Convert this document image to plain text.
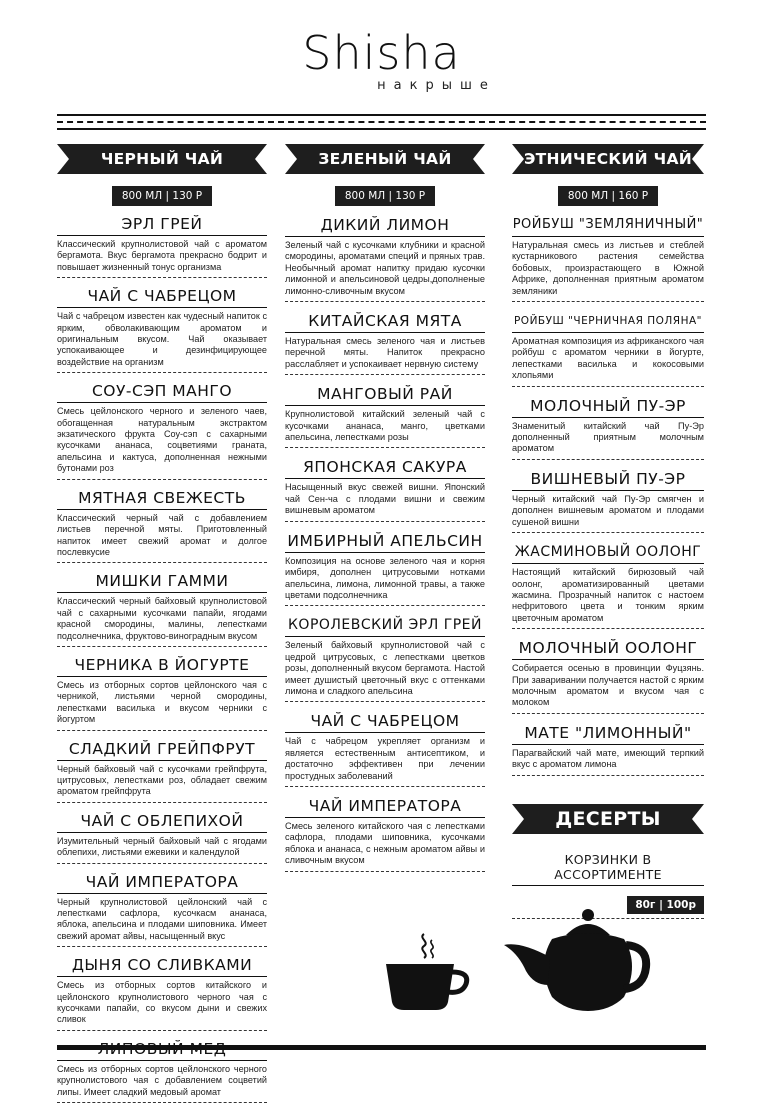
Shisha
накрыше
ЧЕРНЫЙ ЧАЙ
800 МЛ | 130 Р
ЭРЛ ГРЕЙ
Классический крупнолистовой чай с ароматом бергамота. Вкус бергамота прекрасно бодрит и повышает жизненный тонус организма
ЧАЙ С ЧАБРЕЦОМ
Чай с чабрецом известен как чудесный напиток с ярким, обволакивающим ароматом и оригинальным вкусом. Чай оказывает успокаивающее и дезинфицирующее воздействие на организм
СОУ-СЭП МАНГО
Смесь цейлонского черного и зеленого чаев, обогащенная натуральным экстрактом экзатического фрукта Соу-сэп с сахарными кусочками ананаса, соцветиями граната, апельсина и кактуса, дополненная нежными бутонами роз
МЯТНАЯ СВЕЖЕСТЬ
Классический черный чай с добавлением листьев перечной мяты. Приготовленный напиток имеет свежий аромат и долгое послевкусие
МИШКИ ГАММИ
Классический черный байховый крупнолистовой чай с сахарными кусочками папайи, ягодами красной смородины, малины, лепестками подсолнечника, фруктово-виноградным вкусом
ЧЕРНИКА В ЙОГУРТЕ
Смесь из отборных сортов цейлонского чая с черникой, листьями черной смородины, лепестками василька и вкусом черники с йогуртом
СЛАДКИЙ ГРЕЙПФРУТ
Черный байховый чай с кусочками грейпфрута, цитрусовых, лепестками роз, обладает свежим ароматом грейпфрута
ЧАЙ С ОБЛЕПИХОЙ
Изумительный черный байховый чай с ягодами облепихи, листьями ежевики и календулой
ЧАЙ ИМПЕРАТОРА
Черный крупнолистовой цейлонский чай с лепестками сафлора, кусочкасм ананаса, яблока, апельсина и плодами шиповника. Имеет свежий аромат айвы, насыщенный вкус
ДЫНЯ СО СЛИВКАМИ
Смесь из отборных сортов китайского и цейлонского крупнолистового черного чая с кусочками папайи, со вкусом дыни и свежих сливок
ЛИПОВЫЙ МЕД
Смесь из отборных сортов цейлонского черного крупнолистового чая с добавлением соцветий липы. Имеет сладкий медовый аромат
ЗЕЛЕНЫЙ ЧАЙ
800 МЛ | 130 Р
ДИКИЙ ЛИМОН
Зеленый чай с кусочками клубники и красной смородины, ароматами специй и пряных трав. Необычный аромат напитку придаю кусочки лимонной и апельсиновой цедры,дополненые лимонно-сливочным вкусом
КИТАЙСКАЯ МЯТА
Натуральная смесь зеленого чая и листьев перечной мяты. Напиток прекрасно расслабляет и успокаивает нервную систему
МАНГОВЫЙ РАЙ
Крупнолистовой китайский зеленый чай с кусочками ананаса, манго, цветками апельсина, лепестками розы
ЯПОНСКАЯ САКУРА
Насыщенный вкус свежей вишни. Японский чай Сен-ча с плодами вишни и свежим вишневым ароматом
ИМБИРНЫЙ АПЕЛЬСИН
Композиция на основе зеленого чая и корня имбиря, дополнен цитрусовыми нотками апельсина, лимона, лимонной травы, а также цветами подсолнечника
КОРОЛЕВСКИЙ ЭРЛ ГРЕЙ
Зеленый байховый крупнолистовой чай с цедрой цитрусовых, с лепестками цветков розы, дополненный вкусом бергамота. Настой имеет душистый цветочный вкус с оттенками лимона и сладкого апельсина
ЧАЙ С ЧАБРЕЦОМ
Чай с чабрецом укрепляет организм и является естественным антисептиком, и достаточно эффективен при лечении простудных заболеваний
ЧАЙ ИМПЕРАТОРА
Смесь зеленого китайского чая с лепестками сафлора, плодами шиповника, кусочками яблока и ананаса, с нежным ароматом айвы и сливочным вкусом
ЭТНИЧЕСКИЙ ЧАЙ
800 МЛ | 160 Р
РОЙБУШ "ЗЕМЛЯНИЧНЫЙ"
Натуральная смесь из листьев и стеблей кустарникового растения семейства бобовых, произрастающего в Южной Африке, дополненная приятным ароматом земляники
РОЙБУШ "ЧЕРНИЧНАЯ ПОЛЯНА"
Ароматная композиция из африканского чая ройбуш с ароматом черники в йогурте, лепестками василька и кокосовыми хлопьями
МОЛОЧНЫЙ ПУ-ЭР
Знаменитый китайский чай Пу-Эр дополненный приятным молочным ароматом
ВИШНЕВЫЙ ПУ-ЭР
Черный китайский чай Пу-Эр смягчен и дополнен вишневым ароматом и плодами сушеной вишни
ЖАСМИНОВЫЙ ООЛОНГ
Настоящий китайский бирюзовый чай оолонг, ароматизированный цветами жасмина. Прозрачный напиток с настоем нефритового цвета и тонким ярким цветочным ароматом
МОЛОЧНЫЙ ООЛОНГ
Собирается осенью в провинции Фуцзянь. При заваривании получается настой с ярким молочным ароматом и вкусом чая с молоком
МАТЕ "ЛИМОННЫЙ"
Парагвайский чай мате, имеющий терпкий вкус с ароматом лимона
ДЕСЕРТЫ
КОРЗИНКИ В АССОРТИМЕНТЕ
80г | 100р
